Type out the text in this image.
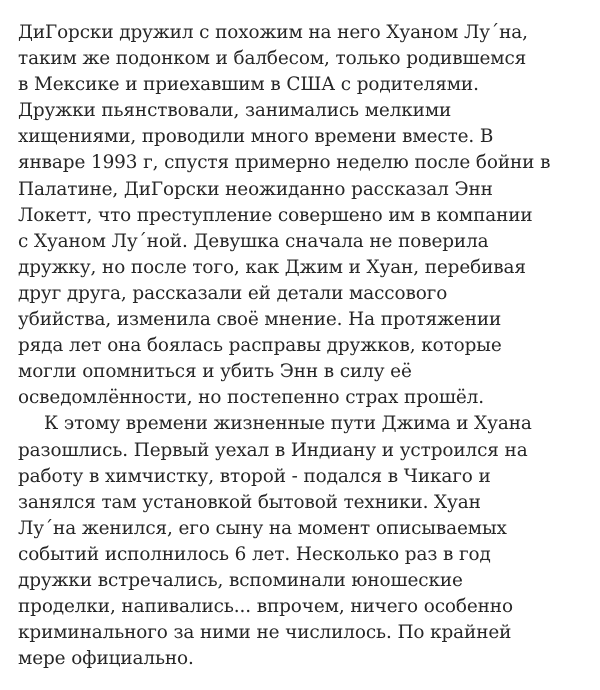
ДиГорски дружил с похожим на него Хуаном Лу´на,
таким же подонком и балбесом, только родившемся
в Мексике и приехавшим в США с родителями.
Дружки пьянствовали, занимались мелкими
хищениями, проводили много времени вместе. В
январе 1993 г, спустя примерно неделю после бойни в
Палатине, ДиГорски неожиданно рассказал Энн
Локетт, что преступление совершено им в компании
с Хуаном Лу´ной. Девушка сначала не поверила
дружку, но после того, как Джим и Хуан, перебивая
друг друга, рассказали ей детали массового
убийства, изменила своё мнение. На протяжении
ряда лет она боялась расправы дружков, которые
могли опомниться и убить Энн в силу её
осведомлённости, но постепенно страх прошёл.
К этому времени жизненные пути Джима и Хуана
разошлись. Первый уехал в Индиану и устроился на
работу в химчистку, второй - подался в Чикаго и
занялся там установкой бытовой техники. Хуан
Лу´на женился, его сыну на момент описываемых
событий исполнилось 6 лет. Несколько раз в год
дружки встречались, вспоминали юношеские
проделки, напивались... впрочем, ничего особенно
криминального за ними не числилось. По крайней
мере официально.
